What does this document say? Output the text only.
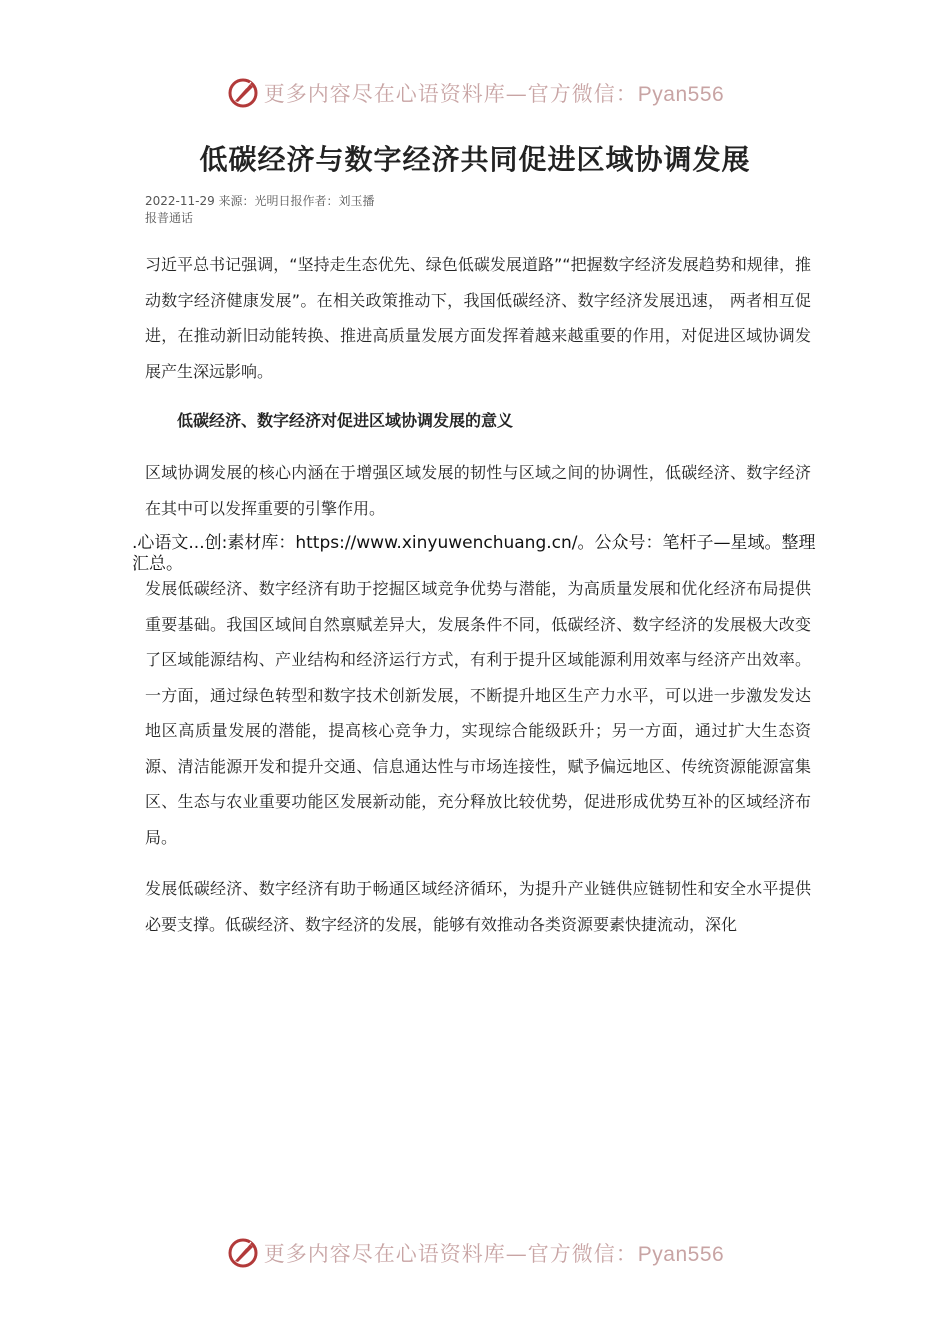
更多内容尽在心语资料库—官方微信：Pyan556
低碳经济与数字经济共同促进区域协调发展
2022-11-29 来源：光明日报作者：刘玉播报普通话
习近平总书记强调，“坚持走生态优先、绿色低碳发展道路”“把握数字经济发展趋势和规律，推动数字经济健康发展”。在相关政策推动下，我国低碳经济、数字经济发展迅速， 两者相互促进，在推动新旧动能转换、推进高质量发展方面发挥着越来越重要的作用，对促进区域协调发展产生深远影响。
低碳经济、数字经济对促进区域协调发展的意义
区域协调发展的核心内涵在于增强区域发展的韧性与区域之间的协调性，低碳经济、数字经济在其中可以发挥重要的引擎作用。
.心语文...创:素材库：https://www.xinyuwenchuang.cn/。公众号：笔杆子—星域。整理汇总。
发展低碳经济、数字经济有助于挖掘区域竞争优势与潜能，为高质量发展和优化经济布局提供重要基础。我国区域间自然禀赋差异大，发展条件不同，低碳经济、数字经济的发展极大改变了区域能源结构、产业结构和经济运行方式，有利于提升区域能源利用效率与经济产出效率。一方面，通过绿色转型和数字技术创新发展，不断提升地区生产力水平，可以进一步激发发达地区高质量发展的潜能，提高核心竞争力，实现综合能级跃升；另一方面，通过扩大生态资源、清洁能源开发和提升交通、信息通达性与市场连接性，赋予偏远地区、传统资源能源富集区、生态与农业重要功能区发展新动能，充分释放比较优势，促进形成优势互补的区域经济布局。
发展低碳经济、数字经济有助于畅通区域经济循环，为提升产业链供应链韧性和安全水平提供必要支撑。低碳经济、数字经济的发展，能够有效推动各类资源要素快捷流动，深化
更多内容尽在心语资料库—官方微信：Pyan556
